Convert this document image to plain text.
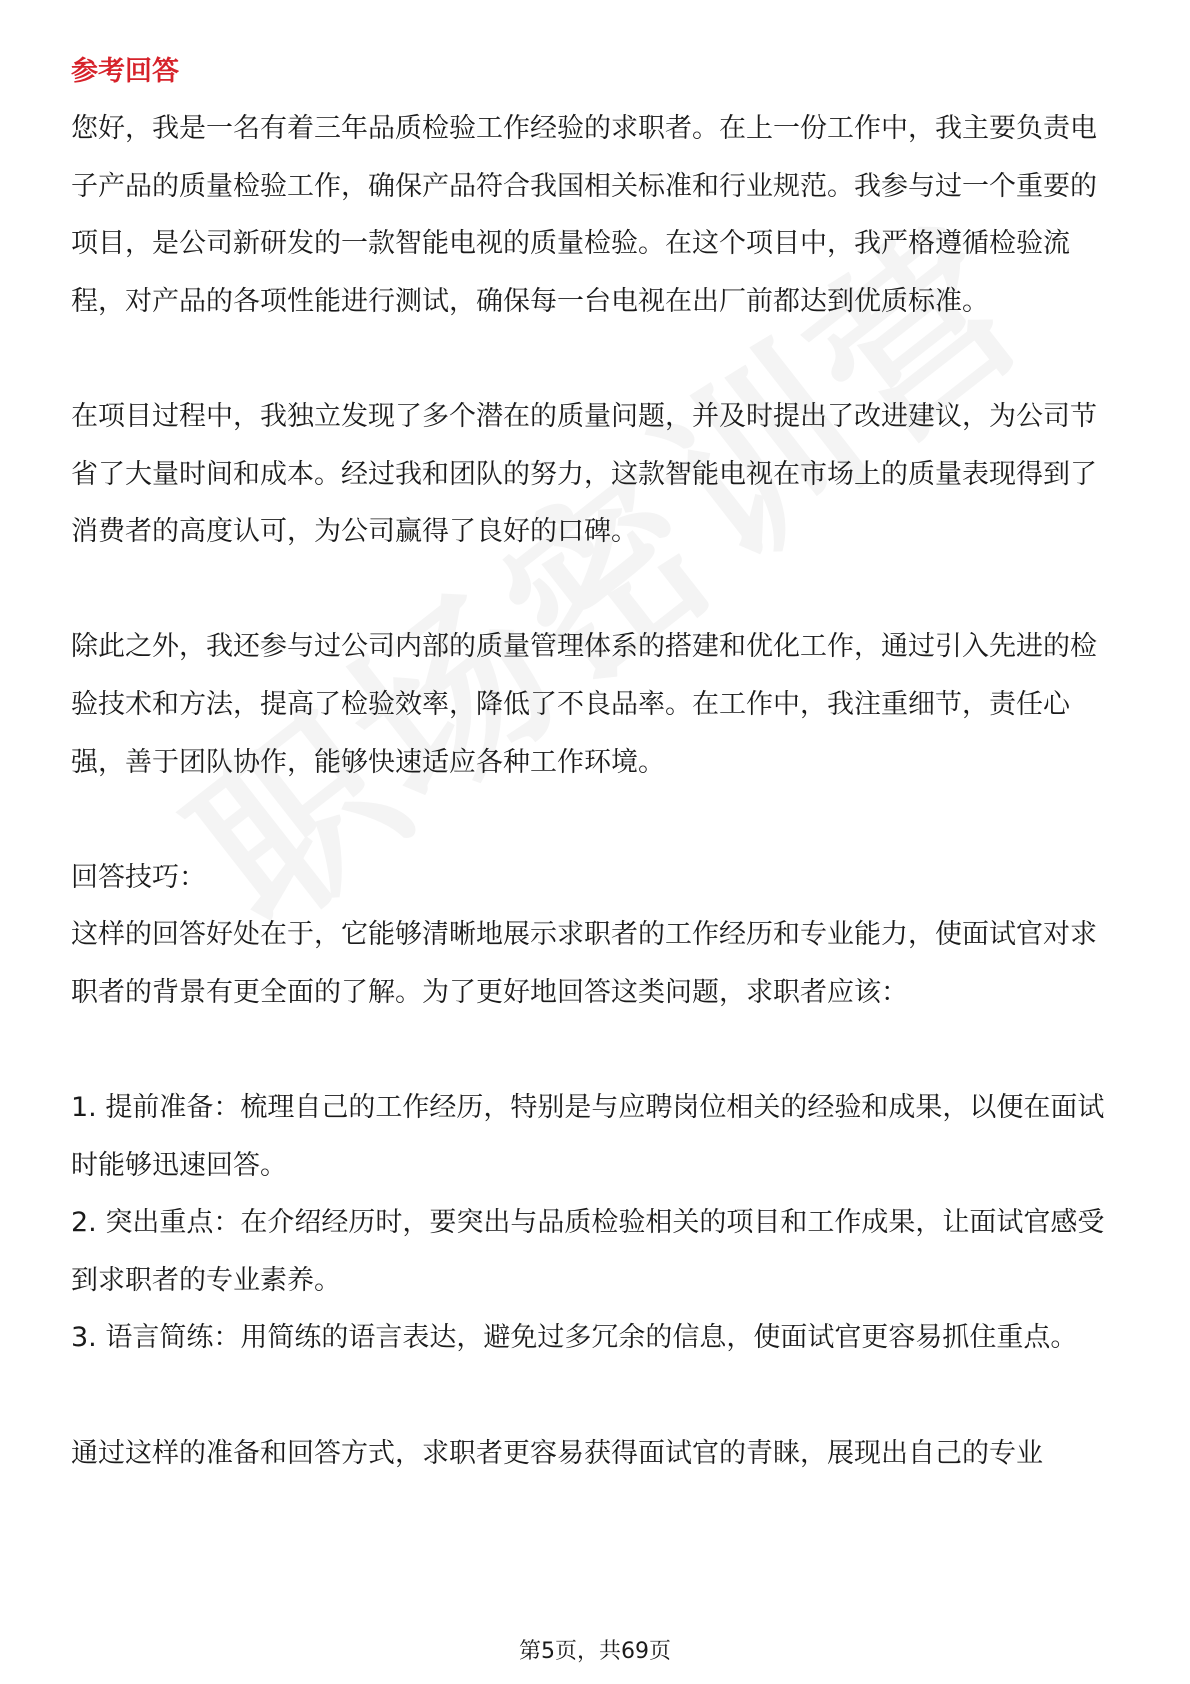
参考回答

您好，我是一名有着三年品质检验工作经验的求职者。在上一份工作中，我主要负责电子产品的质量检验工作，确保产品符合我国相关标准和行业规范。我参与过一个重要的项目，是公司新研发的一款智能电视的质量检验。在这个项目中，我严格遵循检验流程，对产品的各项性能进行测试，确保每一台电视在出厂前都达到优质标准。

在项目过程中，我独立发现了多个潜在的质量问题，并及时提出了改进建议，为公司节省了大量时间和成本。经过我和团队的努力，这款智能电视在市场上的质量表现得到了消费者的高度认可，为公司赢得了良好的口碑。

除此之外，我还参与过公司内部的质量管理体系的搭建和优化工作，通过引入先进的检验技术和方法，提高了检验效率，降低了不良品率。在工作中，我注重细节，责任心强，善于团队协作，能够快速适应各种工作环境。

回答技巧：

这样的回答好处在于，它能够清晰地展示求职者的工作经历和专业能力，使面试官对求职者的背景有更全面的了解。为了更好地回答这类问题，求职者应该：

1. 提前准备：梳理自己的工作经历，特别是与应聘岗位相关的经验和成果，以便在面试时能够迅速回答。

2. 突出重点：在介绍经历时，要突出与品质检验相关的项目和工作成果，让面试官感受到求职者的专业素养。

3. 语言简练：用简练的语言表达，避免过多冗余的信息，使面试官更容易抓住重点。

通过这样的准备和回答方式，求职者更容易获得面试官的青睐，展现出自己的专业

第5页，共69页
